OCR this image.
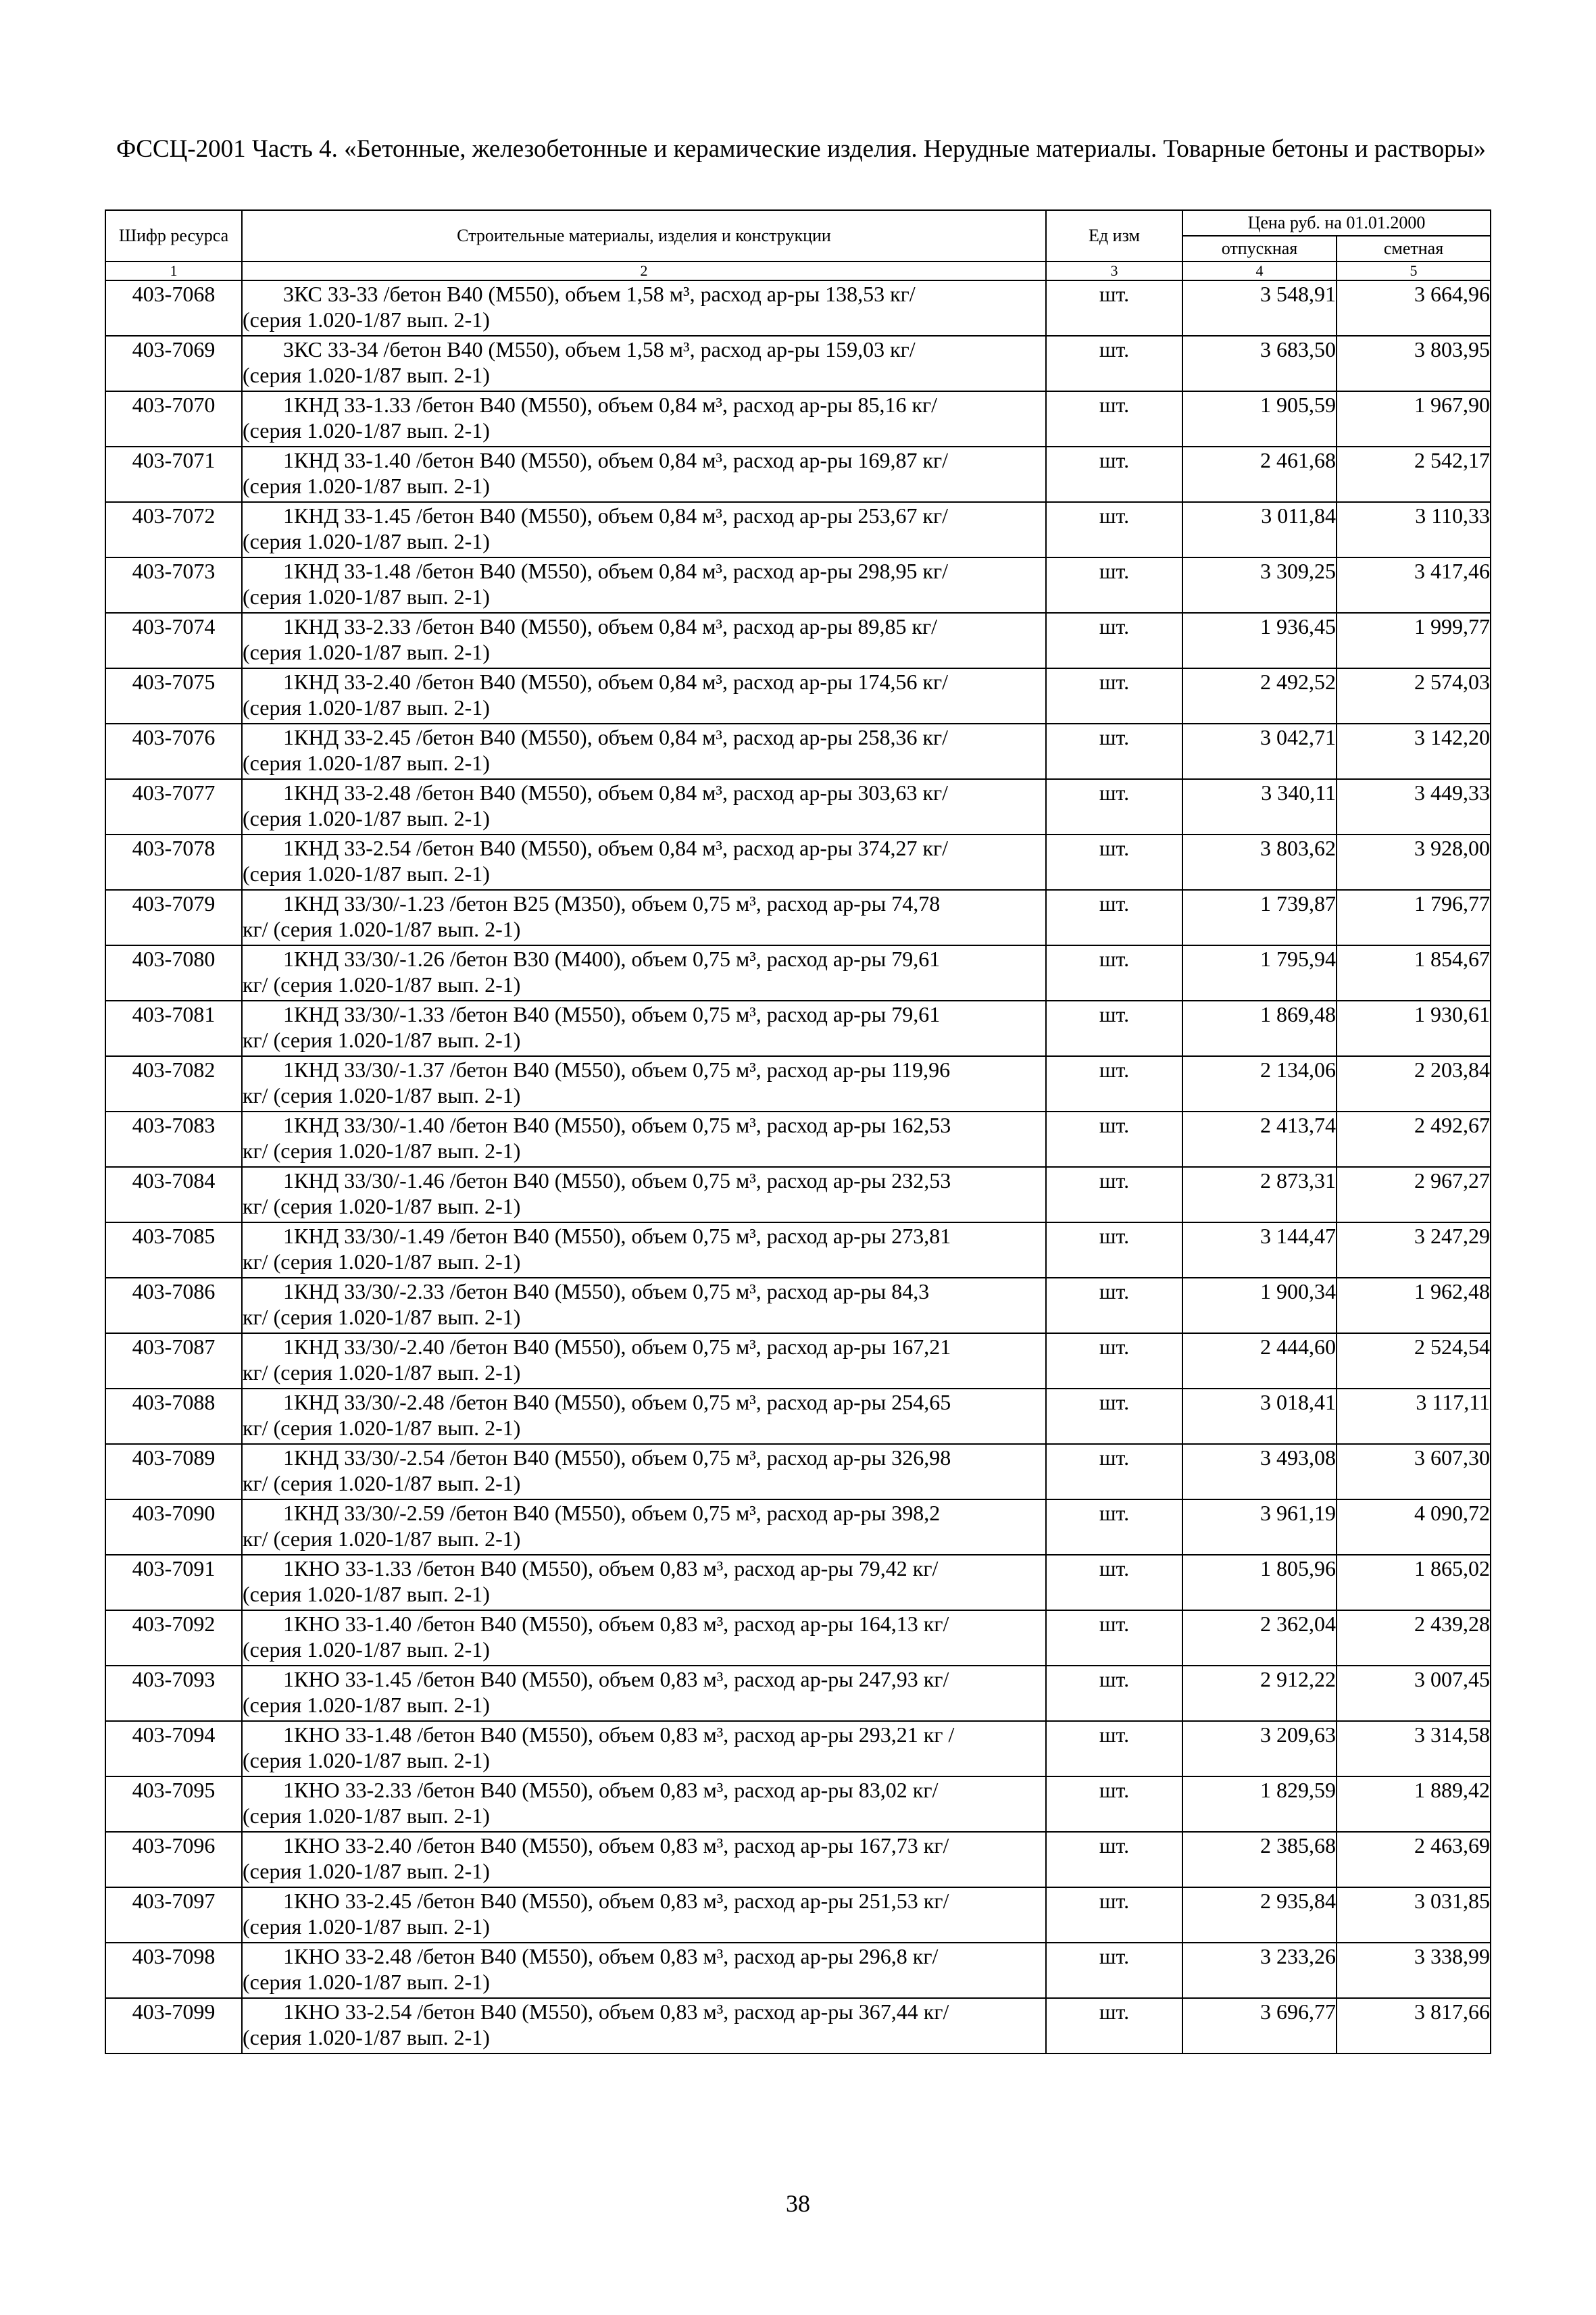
ФССЦ-2001 Часть 4. «Бетонные, железобетонные и керамические изделия. Нерудные материалы. Товарные бетоны и растворы»
Шифр ресурса	Строительные материалы, изделия и конструкции	Ед изм	Цена руб. на 01.01.2000	
			отпускная	сметная
1	2	3	4	5
403-7068	3КС 33-33 /бетон В40 (М550), объем 1,58 м³, расход ар-ры 138,53 кг/
(серия 1.020-1/87 вып. 2-1)	шт.	3 548,91	3 664,96
403-7069	3КС 33-34 /бетон В40 (М550), объем 1,58 м³, расход ар-ры 159,03 кг/
(серия 1.020-1/87 вып. 2-1)	шт.	3 683,50	3 803,95
403-7070	1КНД 33-1.33 /бетон В40 (М550), объем 0,84 м³, расход ар-ры 85,16 кг/
(серия 1.020-1/87 вып. 2-1)	шт.	1 905,59	1 967,90
403-7071	1КНД 33-1.40 /бетон В40 (М550), объем 0,84 м³, расход ар-ры 169,87 кг/
(серия 1.020-1/87 вып. 2-1)	шт.	2 461,68	2 542,17
403-7072	1КНД 33-1.45 /бетон В40 (М550), объем 0,84 м³, расход ар-ры 253,67 кг/
(серия 1.020-1/87 вып. 2-1)	шт.	3 011,84	3 110,33
403-7073	1КНД 33-1.48 /бетон В40 (М550), объем 0,84 м³, расход ар-ры 298,95 кг/
(серия 1.020-1/87 вып. 2-1)	шт.	3 309,25	3 417,46
403-7074	1КНД 33-2.33 /бетон В40 (М550), объем 0,84 м³, расход ар-ры 89,85 кг/
(серия 1.020-1/87 вып. 2-1)	шт.	1 936,45	1 999,77
403-7075	1КНД 33-2.40 /бетон В40 (М550), объем 0,84 м³, расход ар-ры 174,56 кг/
(серия 1.020-1/87 вып. 2-1)	шт.	2 492,52	2 574,03
403-7076	1КНД 33-2.45 /бетон В40 (М550), объем 0,84 м³, расход ар-ры 258,36 кг/
(серия 1.020-1/87 вып. 2-1)	шт.	3 042,71	3 142,20
403-7077	1КНД 33-2.48 /бетон В40 (М550), объем 0,84 м³, расход ар-ры 303,63 кг/
(серия 1.020-1/87 вып. 2-1)	шт.	3 340,11	3 449,33
403-7078	1КНД 33-2.54 /бетон В40 (М550), объем 0,84 м³, расход ар-ры 374,27 кг/
(серия 1.020-1/87 вып. 2-1)	шт.	3 803,62	3 928,00
403-7079	1КНД 33/30/-1.23 /бетон В25 (М350), объем 0,75 м³, расход ар-ры 74,78
кг/ (серия 1.020-1/87 вып. 2-1)	шт.	1 739,87	1 796,77
403-7080	1КНД 33/30/-1.26 /бетон В30 (М400), объем 0,75 м³, расход ар-ры 79,61
кг/ (серия 1.020-1/87 вып. 2-1)	шт.	1 795,94	1 854,67
403-7081	1КНД 33/30/-1.33 /бетон В40 (М550), объем 0,75 м³, расход ар-ры 79,61
кг/ (серия 1.020-1/87 вып. 2-1)	шт.	1 869,48	1 930,61
403-7082	1КНД 33/30/-1.37 /бетон В40 (М550), объем 0,75 м³, расход ар-ры 119,96
кг/ (серия 1.020-1/87 вып. 2-1)	шт.	2 134,06	2 203,84
403-7083	1КНД 33/30/-1.40 /бетон В40 (М550), объем 0,75 м³, расход ар-ры 162,53
кг/ (серия 1.020-1/87 вып. 2-1)	шт.	2 413,74	2 492,67
403-7084	1КНД 33/30/-1.46 /бетон В40 (М550), объем 0,75 м³, расход ар-ры 232,53
кг/ (серия 1.020-1/87 вып. 2-1)	шт.	2 873,31	2 967,27
403-7085	1КНД 33/30/-1.49 /бетон В40 (М550), объем 0,75 м³, расход ар-ры 273,81
кг/ (серия 1.020-1/87 вып. 2-1)	шт.	3 144,47	3 247,29
403-7086	1КНД 33/30/-2.33 /бетон В40 (М550), объем 0,75 м³, расход ар-ры 84,3
кг/ (серия 1.020-1/87 вып. 2-1)	шт.	1 900,34	1 962,48
403-7087	1КНД 33/30/-2.40 /бетон В40 (М550), объем 0,75 м³, расход ар-ры 167,21
кг/ (серия 1.020-1/87 вып. 2-1)	шт.	2 444,60	2 524,54
403-7088	1КНД 33/30/-2.48 /бетон В40 (М550), объем 0,75 м³, расход ар-ры 254,65
кг/ (серия 1.020-1/87 вып. 2-1)	шт.	3 018,41	3 117,11
403-7089	1КНД 33/30/-2.54 /бетон В40 (М550), объем 0,75 м³, расход ар-ры 326,98
кг/ (серия 1.020-1/87 вып. 2-1)	шт.	3 493,08	3 607,30
403-7090	1КНД 33/30/-2.59 /бетон В40 (М550), объем 0,75 м³, расход ар-ры 398,2
кг/ (серия 1.020-1/87 вып. 2-1)	шт.	3 961,19	4 090,72
403-7091	1КНО 33-1.33 /бетон В40 (М550), объем 0,83 м³, расход ар-ры 79,42 кг/
(серия 1.020-1/87 вып. 2-1)	шт.	1 805,96	1 865,02
403-7092	1КНО 33-1.40 /бетон В40 (М550), объем 0,83 м³, расход ар-ры 164,13 кг/
(серия 1.020-1/87 вып. 2-1)	шт.	2 362,04	2 439,28
403-7093	1КНО 33-1.45 /бетон В40 (М550), объем 0,83 м³, расход ар-ры 247,93 кг/
(серия 1.020-1/87 вып. 2-1)	шт.	2 912,22	3 007,45
403-7094	1КНО 33-1.48 /бетон В40 (М550), объем 0,83 м³, расход ар-ры 293,21 кг /
(серия 1.020-1/87 вып. 2-1)	шт.	3 209,63	3 314,58
403-7095	1КНО 33-2.33 /бетон В40 (М550), объем 0,83 м³, расход ар-ры 83,02 кг/
(серия 1.020-1/87 вып. 2-1)	шт.	1 829,59	1 889,42
403-7096	1КНО 33-2.40 /бетон В40 (М550), объем 0,83 м³, расход ар-ры 167,73 кг/
(серия 1.020-1/87 вып. 2-1)	шт.	2 385,68	2 463,69
403-7097	1КНО 33-2.45 /бетон В40 (М550), объем 0,83 м³, расход ар-ры 251,53 кг/
(серия 1.020-1/87 вып. 2-1)	шт.	2 935,84	3 031,85
403-7098	1КНО 33-2.48 /бетон В40 (М550), объем 0,83 м³, расход ар-ры 296,8 кг/
(серия 1.020-1/87 вып. 2-1)	шт.	3 233,26	3 338,99
403-7099	1КНО 33-2.54 /бетон В40 (М550), объем 0,83 м³, расход ар-ры 367,44 кг/
(серия 1.020-1/87 вып. 2-1)	шт.	3 696,77	3 817,66
38
